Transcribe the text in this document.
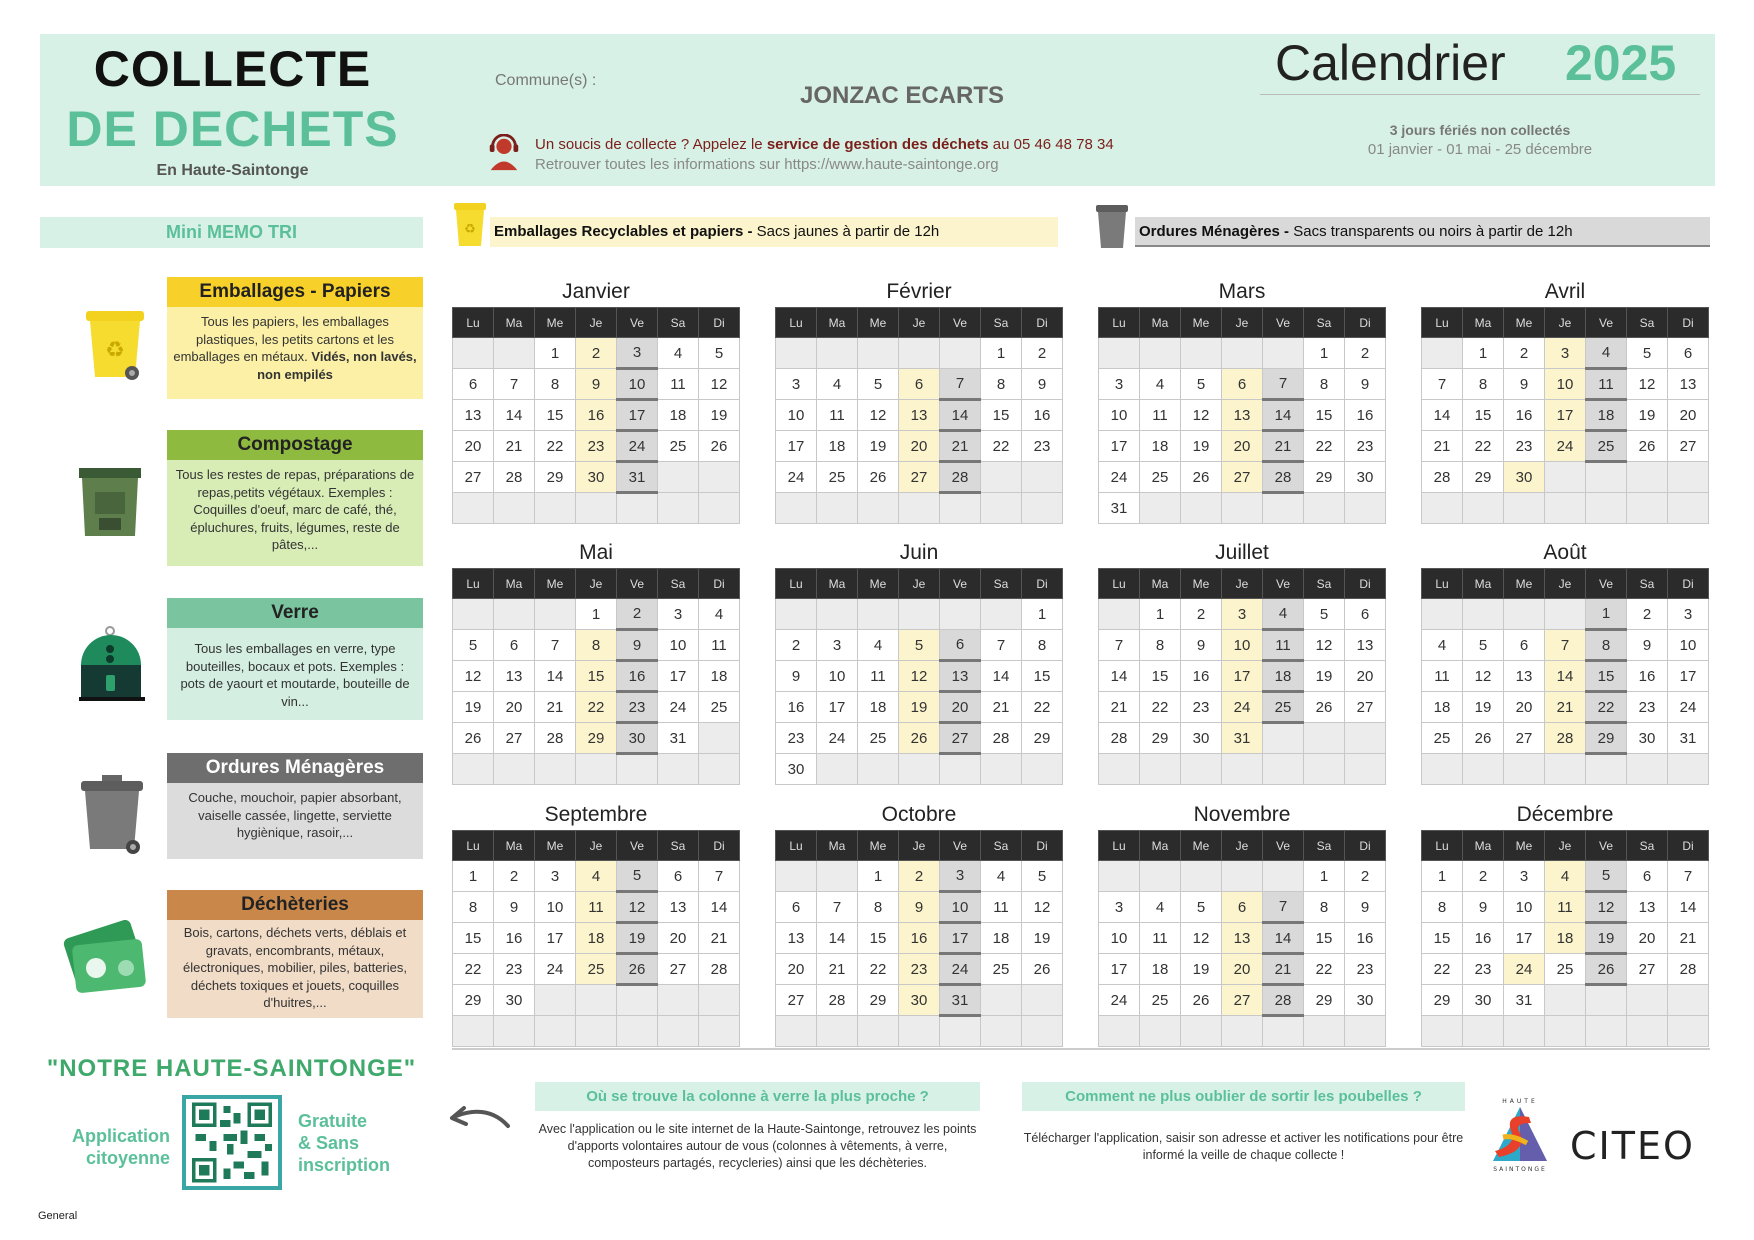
COLLECTE
DE DECHETS
En Haute-Saintonge
Commune(s) :
JONZAC ECARTS
Un soucis de collecte ? Appelez le service de gestion des déchets au 05 46 48 78 34
Retrouver toutes les informations sur https://www.haute-saintonge.org
Calendrier 2025
3 jours fériés non collectés
01 janvier - 01 mai - 25 décembre
Mini MEMO TRI
Emballages - Papiers
Tous les papiers, les emballages plastiques, les petits cartons et les emballages en métaux. Vidés, non lavés, non empilés
Compostage
Tous les restes de repas, préparations de repas,petits végétaux. Exemples : Coquilles d'oeuf, marc de café, thé, épluchures, fruits, légumes, reste de pâtes,...
Verre
Tous les emballages en verre, type bouteilles, bocaux et pots. Exemples : pots de yaourt et moutarde, bouteille de vin...
Ordures Ménagères
Couche, mouchoir, papier absorbant, vaiselle cassée, lingette, serviette hygiènique, rasoir,...
Déchèteries
Bois, cartons, déchets verts, déblais et gravats, encombrants, métaux, électroniques, mobilier, piles, batteries, déchets toxiques et jouets, coquilles d'huitres,...
♻
♻ Emballages Recyclables et papiers - Sacs jaunes à partir de 12h	Ordures Ménagères - Sacs transparents ou noirs à partir de 12h
Janvier
Lu	Ma	Me	Je	Ve	Sa	Di
		1	2	3	4	5
6	7	8	9	10	11	12
13	14	15	16	17	18	19
20	21	22	23	24	25	26
27	28	29	30	31		

Février
Lu	Ma	Me	Je	Ve	Sa	Di
					1	2
3	4	5	6	7	8	9
10	11	12	13	14	15	16
17	18	19	20	21	22	23
24	25	26	27	28		

Mars
Lu	Ma	Me	Je	Ve	Sa	Di
					1	2
3	4	5	6	7	8	9
10	11	12	13	14	15	16
17	18	19	20	21	22	23
24	25	26	27	28	29	30
31						
Avril
Lu	Ma	Me	Je	Ve	Sa	Di
	1	2	3	4	5	6
7	8	9	10	11	12	13
14	15	16	17	18	19	20
21	22	23	24	25	26	27
28	29	30				

Mai
Lu	Ma	Me	Je	Ve	Sa	Di
			1	2	3	4
5	6	7	8	9	10	11
12	13	14	15	16	17	18
19	20	21	22	23	24	25
26	27	28	29	30	31	

Juin
Lu	Ma	Me	Je	Ve	Sa	Di
						1
2	3	4	5	6	7	8
9	10	11	12	13	14	15
16	17	18	19	20	21	22
23	24	25	26	27	28	29
30						
Juillet
Lu	Ma	Me	Je	Ve	Sa	Di
	1	2	3	4	5	6
7	8	9	10	11	12	13
14	15	16	17	18	19	20
21	22	23	24	25	26	27
28	29	30	31			

Août
Lu	Ma	Me	Je	Ve	Sa	Di
				1	2	3
4	5	6	7	8	9	10
11	12	13	14	15	16	17
18	19	20	21	22	23	24
25	26	27	28	29	30	31

Septembre
Lu	Ma	Me	Je	Ve	Sa	Di
1	2	3	4	5	6	7
8	9	10	11	12	13	14
15	16	17	18	19	20	21
22	23	24	25	26	27	28
29	30					

Octobre
Lu	Ma	Me	Je	Ve	Sa	Di
		1	2	3	4	5
6	7	8	9	10	11	12
13	14	15	16	17	18	19
20	21	22	23	24	25	26
27	28	29	30	31		

Novembre
Lu	Ma	Me	Je	Ve	Sa	Di
					1	2
3	4	5	6	7	8	9
10	11	12	13	14	15	16
17	18	19	20	21	22	23
24	25	26	27	28	29	30

Décembre
Lu	Ma	Me	Je	Ve	Sa	Di
1	2	3	4	5	6	7
8	9	10	11	12	13	14
15	16	17	18	19	20	21
22	23	24	25	26	27	28
29	30	31				

"NOTRE HAUTE-SAINTONGE"
Application
citoyenne
Gratuite
& Sans
inscription
Où se trouve la colonne à verre la plus proche ?
Avec l'application ou le site internet de la Haute-Saintonge, retrouvez les points d'apports volontaires autour de vous (colonnes à vêtements, à verre, composteurs partagés, recycleries) ainsi que les déchèteries.
Comment ne plus oublier de sortir les poubelles ?
Télécharger l'application, saisir son adresse et activer les notifications pour être informé la veille de chaque collecte !
HAUTE
SAINTONGE
CITEO
General
